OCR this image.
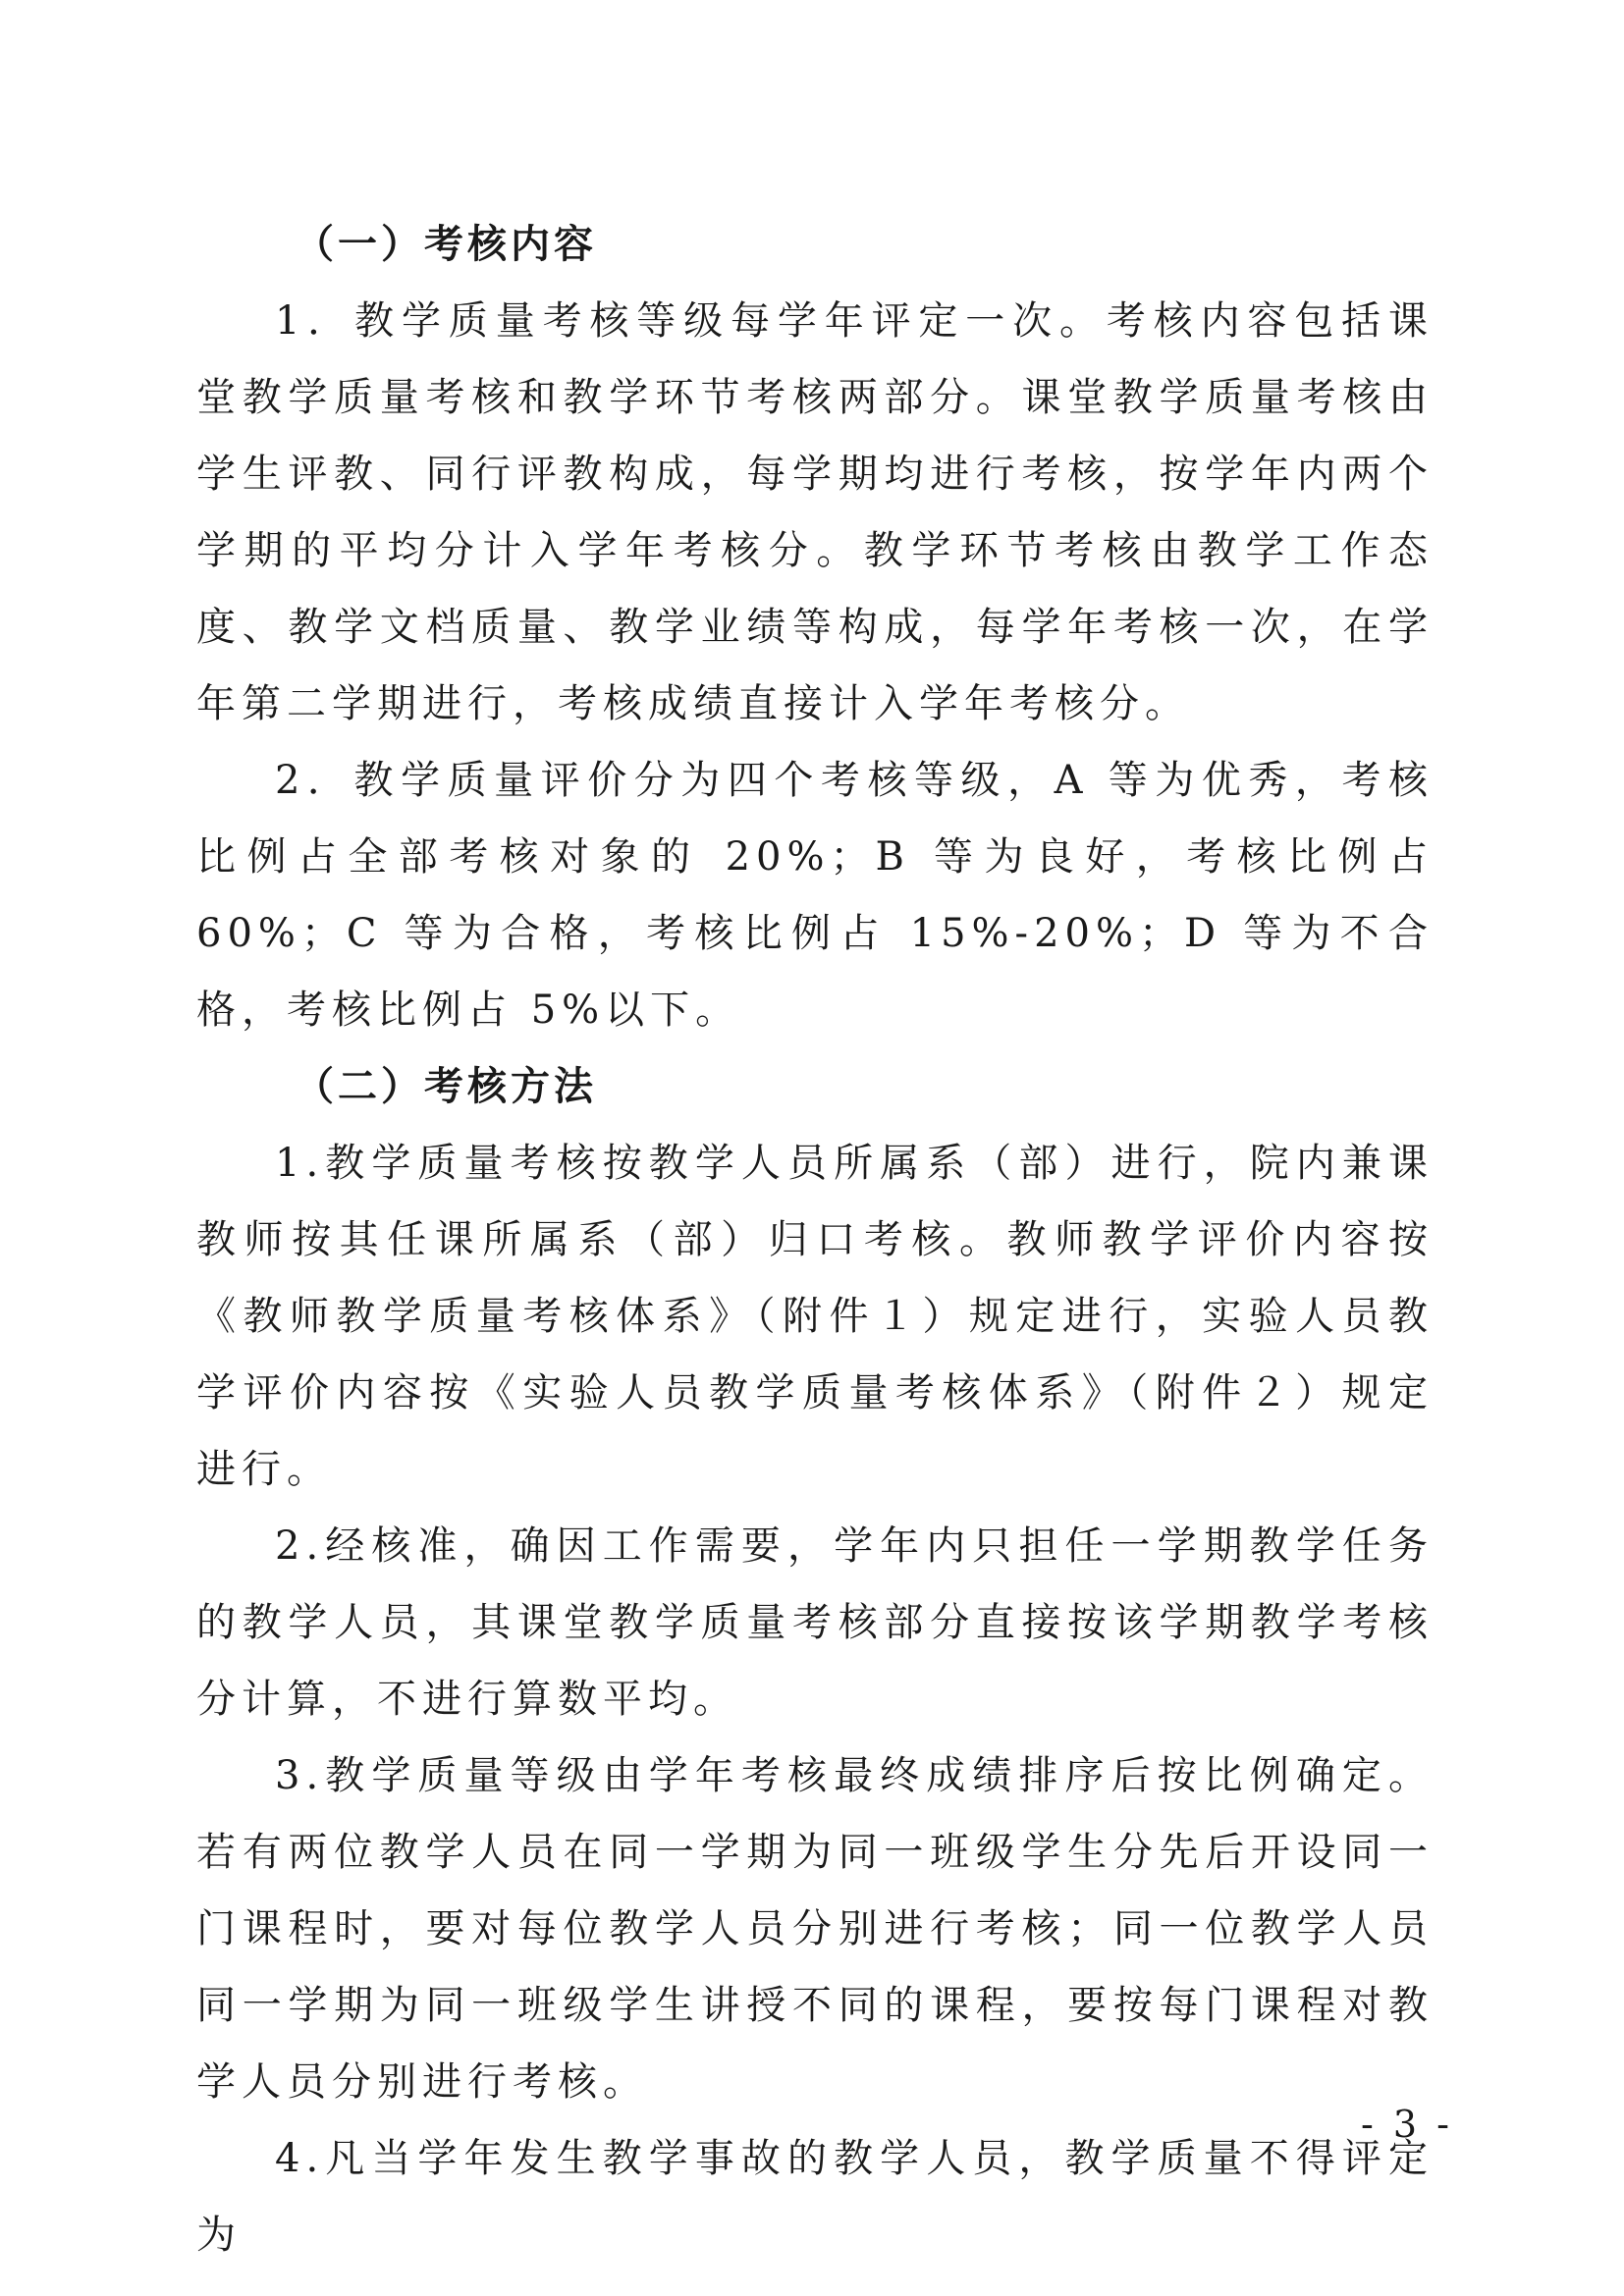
（一）考核内容

1．教学质量考核等级每学年评定一次。考核内容包括课堂教学质量考核和教学环节考核两部分。课堂教学质量考核由学生评教、同行评教构成，每学期均进行考核，按学年内两个学期的平均分计入学年考核分。教学环节考核由教学工作态度、教学文档质量、教学业绩等构成，每学年考核一次，在学年第二学期进行，考核成绩直接计入学年考核分。

2．教学质量评价分为四个考核等级，A 等为优秀，考核比例占全部考核对象的 20%；B 等为良好，考核比例占 60%；C 等为合格，考核比例占 15%-20%；D 等为不合格，考核比例占 5%以下。

（二）考核方法

1.教学质量考核按教学人员所属系（部）进行，院内兼课教师按其任课所属系（部）归口考核。教师教学评价内容按《教师教学质量考核体系》（附件１）规定进行，实验人员教学评价内容按《实验人员教学质量考核体系》（附件２）规定进行。

2.经核准，确因工作需要，学年内只担任一学期教学任务的教学人员，其课堂教学质量考核部分直接按该学期教学考核分计算，不进行算数平均。

3.教学质量等级由学年考核最终成绩排序后按比例确定。若有两位教学人员在同一学期为同一班级学生分先后开设同一门课程时，要对每位教学人员分别进行考核；同一位教学人员同一学期为同一班级学生讲授不同的课程，要按每门课程对教学人员分别进行考核。

4.凡当学年发生教学事故的教学人员，教学质量不得评定为

- 3 -
